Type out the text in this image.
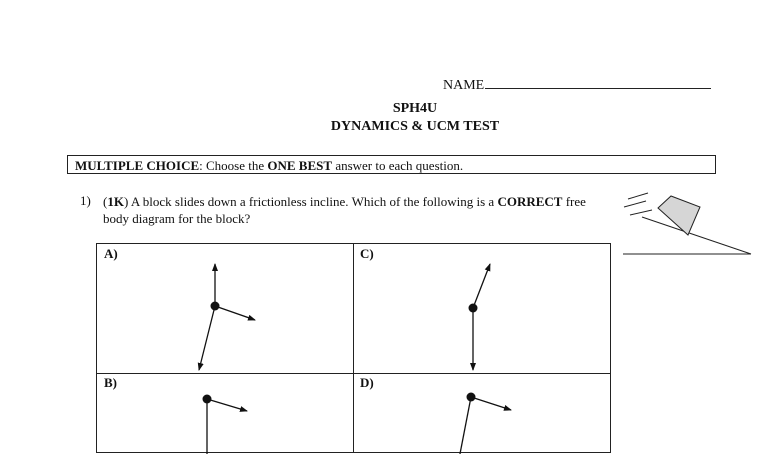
NAME
SPH4U
DYNAMICS & UCM TEST
MULTIPLE CHOICE: Choose the ONE BEST answer to each question.
1) (1K) A block slides down a frictionless incline. Which of the following is a CORRECT free body diagram for the block?
A)	C)
B)	D)
